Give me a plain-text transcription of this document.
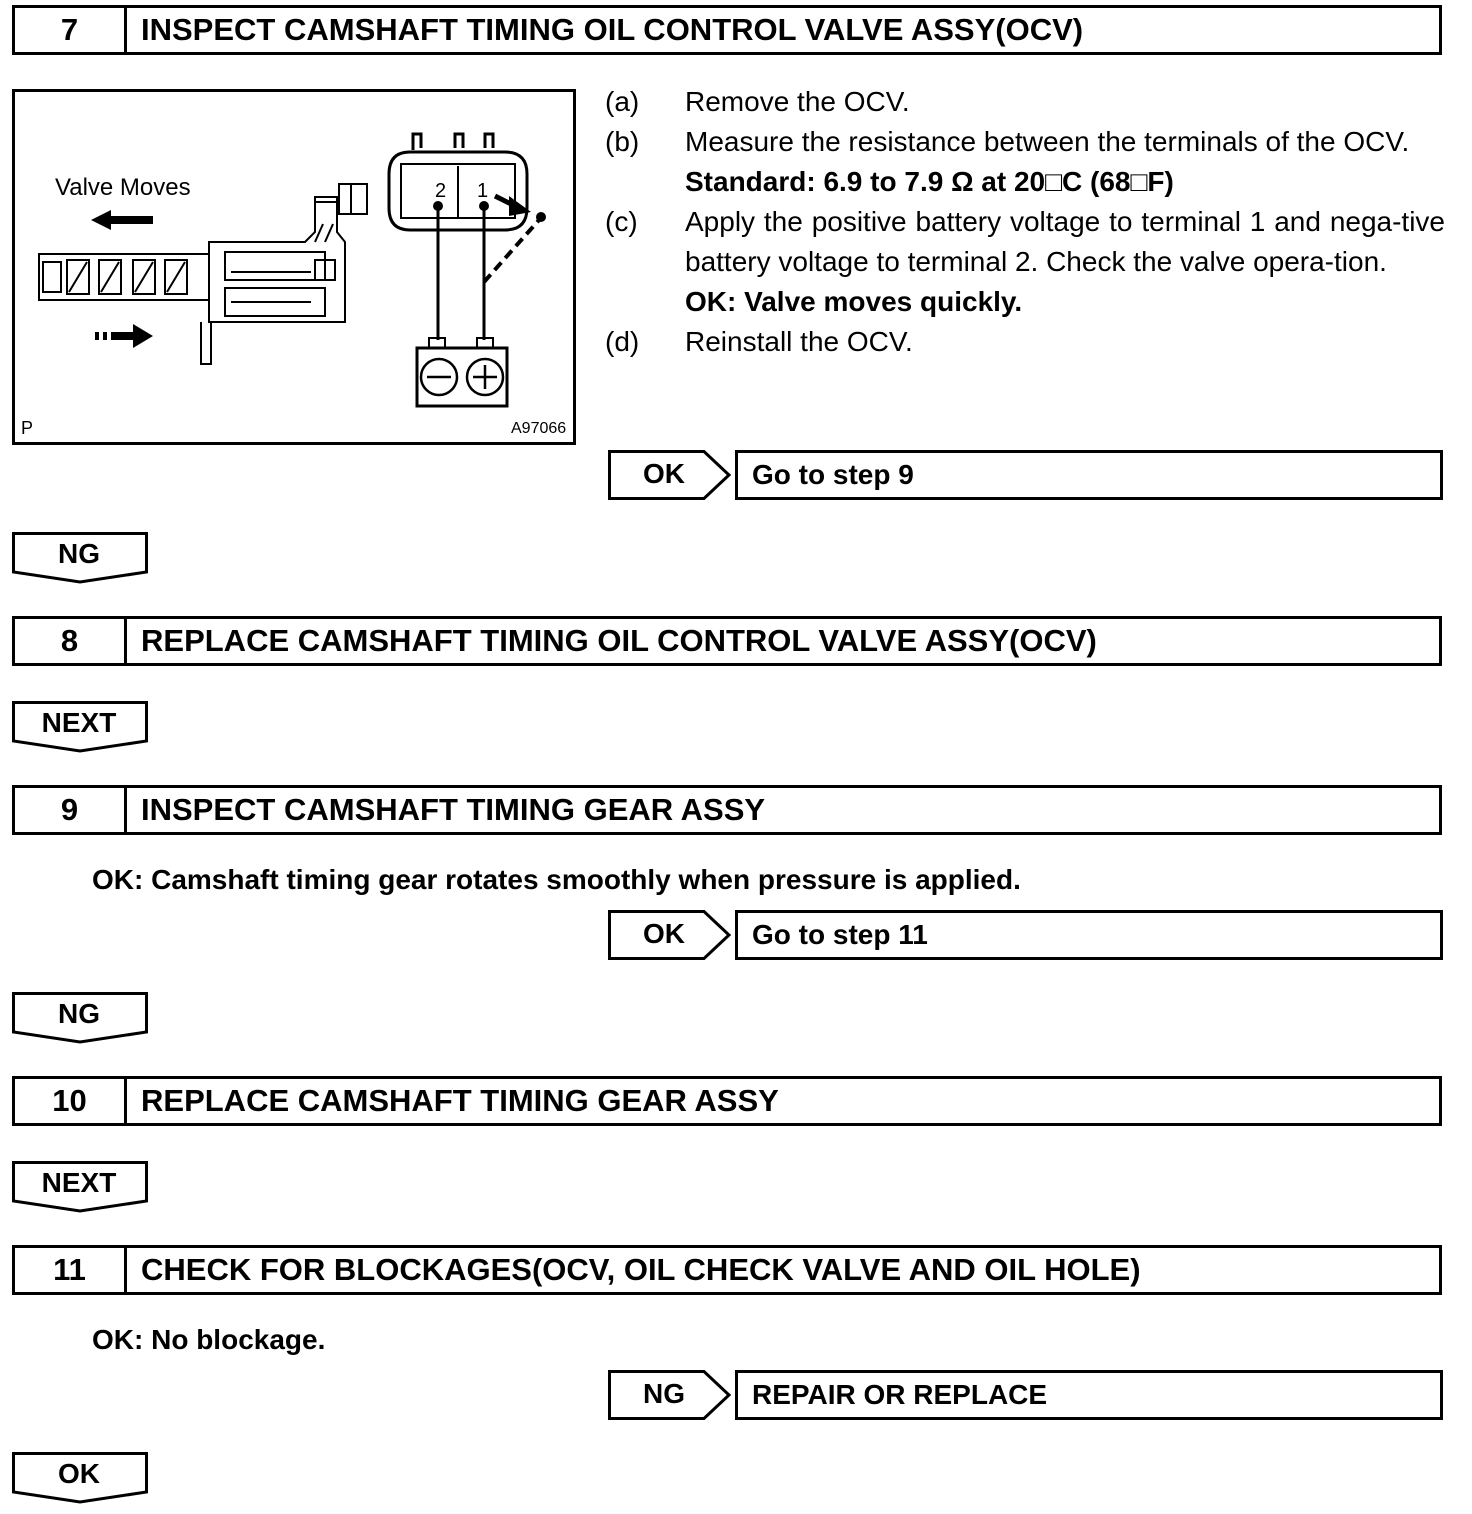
7	INSPECT CAMSHAFT TIMING OIL CONTROL VALVE ASSY(OCV)
Valve Moves	2 1
P	A97066
(a) Remove the OCV.
(b) Measure the resistance between the terminals of the OCV.
Standard: 6.9 to 7.9 Ω at 20□C (68□F)
(c) Apply the positive battery voltage to terminal 1 and nega-tive battery voltage to terminal 2. Check the valve opera-tion.
OK: Valve moves quickly.
(d) Reinstall the OCV.
OK	Go to step 9
NG
8	REPLACE CAMSHAFT TIMING OIL CONTROL VALVE ASSY(OCV)
NEXT
9	INSPECT CAMSHAFT TIMING GEAR ASSY
OK: Camshaft timing gear rotates smoothly when pressure is applied.
OK	Go to step 11
NG
10	REPLACE CAMSHAFT TIMING GEAR ASSY
NEXT
11	CHECK FOR BLOCKAGES(OCV, OIL CHECK VALVE AND OIL HOLE)
OK: No blockage.
NG	REPAIR OR REPLACE
OK
